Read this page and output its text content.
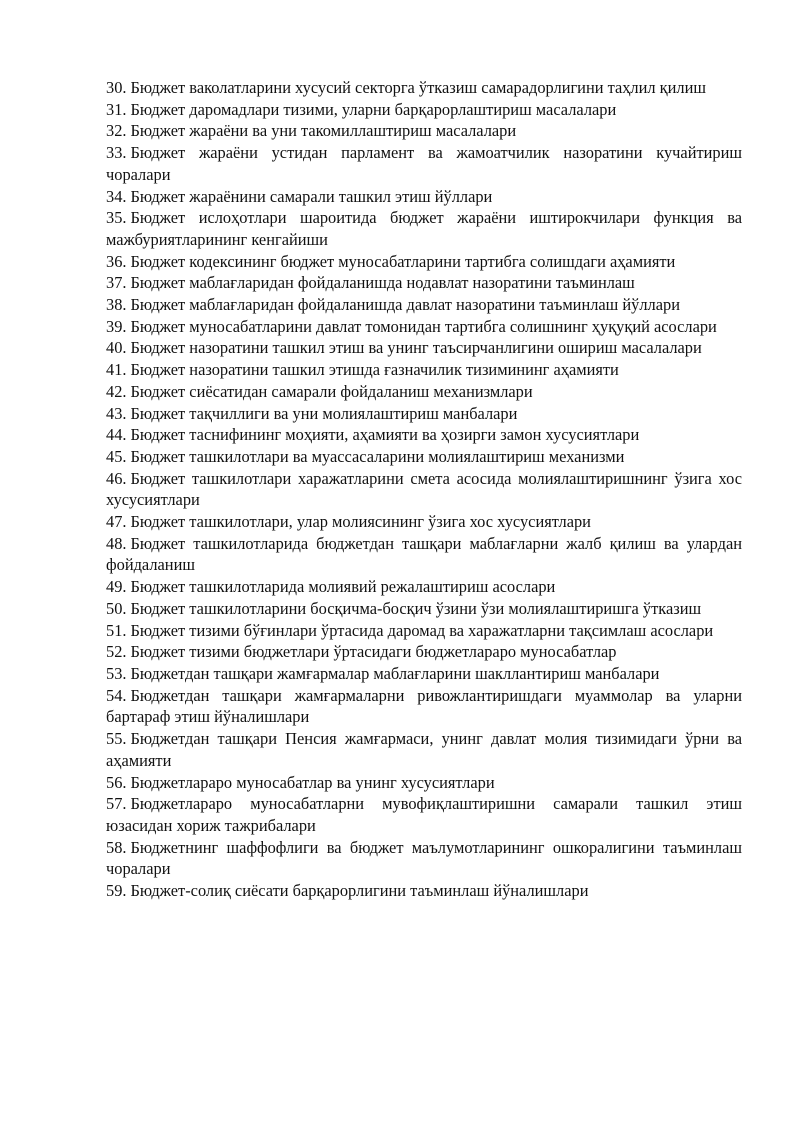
30. Бюджет ваколатларини хусусий секторга ўтказиш самарадорлигини таҳлил қилиш

31. Бюджет даромадлари тизими, уларни барқарорлаштириш масалалари

32. Бюджет жараёни ва уни такомиллаштириш масалалари

33. Бюджет жараёни устидан парламент ва жамоатчилик назоратини кучайтириш чоралари

34. Бюджет жараёнини самарали ташкил этиш йўллари

35. Бюджет ислоҳотлари шароитида бюджет жараёни иштирокчилари функция ва мажбуриятларининг кенгайиши

36. Бюджет кодексининг бюджет муносабатларини тартибга солишдаги аҳамияти

37. Бюджет маблағларидан фойдаланишда нодавлат назоратини таъминлаш

38. Бюджет маблағларидан фойдаланишда давлат назоратини таъминлаш йўллари

39. Бюджет муносабатларини давлат томонидан тартибга солишнинг ҳуқуқий асослари

40. Бюджет назоратини ташкил этиш ва унинг таъсирчанлигини ошириш масалалари

41. Бюджет назоратини ташкил этишда ғазначилик тизимининг аҳамияти

42. Бюджет сиёсатидан самарали фойдаланиш механизмлари

43. Бюджет тақчиллиги ва уни молиялаштириш манбалари

44. Бюджет таснифининг моҳияти, аҳамияти ва ҳозирги замон хусусиятлари

45. Бюджет ташкилотлари ва муассасаларини молиялаштириш механизми

46. Бюджет ташкилотлари харажатларини смета асосида молиялаштиришнинг ўзига хос хусусиятлари

47. Бюджет ташкилотлари, улар молиясининг ўзига хос хусусиятлари

48. Бюджет ташкилотларида бюджетдан ташқари маблағларни жалб қилиш ва улардан фойдаланиш

49. Бюджет ташкилотларида молиявий режалаштириш асослари

50. Бюджет ташкилотларини босқичма-босқич ўзини ўзи молиялаштиришга ўтказиш

51. Бюджет тизими бўғинлари ўртасида даромад ва харажатларни тақсимлаш асослари

52. Бюджет тизими бюджетлари ўртасидаги бюджетлараро муносабатлар

53. Бюджетдан ташқари жамғармалар маблағларини шакллантириш манбалари

54. Бюджетдан ташқари жамғармаларни ривожлантиришдаги муаммолар ва уларни бартараф этиш йўналишлари

55. Бюджетдан ташқари Пенсия жамғармаси, унинг давлат молия тизимидаги ўрни ва аҳамияти

56. Бюджетлараро муносабатлар ва унинг хусусиятлари

57. Бюджетлараро муносабатларни мувофиқлаштиришни самарали ташкил этиш юзасидан хориж тажрибалари

58. Бюджетнинг шаффофлиги ва бюджет маълумотларининг ошкоралигини таъминлаш чоралари

59. Бюджет-солиқ сиёсати барқарорлигини таъминлаш йўналишлари
